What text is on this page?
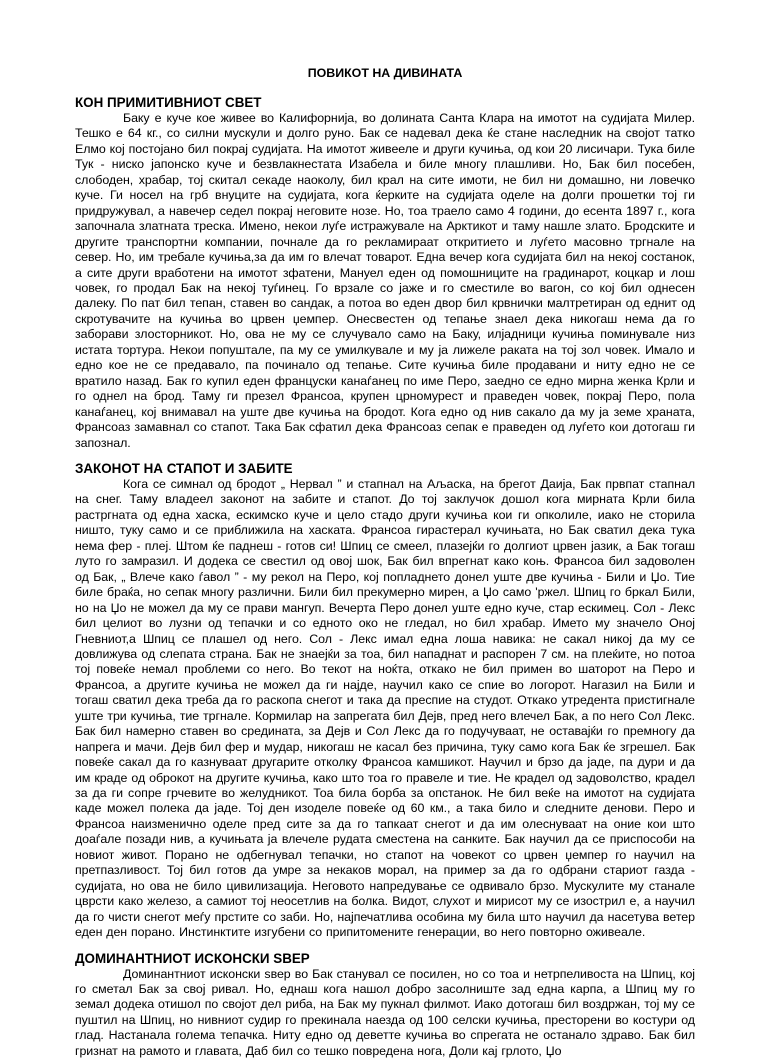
ПОВИКОТ НА ДИВИНАТА
КОН ПРИМИТИВНИОТ СВЕТ

Баку е куче кое живее во Калифорнија, во долината Санта Клара на имотот на судијата Милер. Тешко е 64 кг., со силни мускули и долго руно. Бак се надевал дека ќе стане наследник на својот татко Елмо кој постојано бил покрај судијата. На имотот живееле и други кучиња, од кои 20 лисичари. Тука биле Тук - ниско јапонско куче и безвлакнестата Изабела и биле многу плашливи. Но, Бак бил посебен, слободен, храбар, тој скитал секаде наоколу, бил крал на сите имоти, не бил ни домашно, ни ловечко куче. Ги носел на грб внуците на судијата, кога ќерките на судијата оделе на долги прошетки тој ги придружувал, а навечер седел покрај неговите нозе. Но, тоа траело само 4 години, до есента 1897 г., кога започнала златната треска. Имено, некои луѓе истражувале на Арктикот и таму нашле злато. Бродските и другите транспортни компании, почнале да го рекламираат откритието и луѓето масовно тргнале на север. Но, им требале кучиња,за да им го влечат товарот. Една вечер кога судијата бил на некој состанок, а сите други вработени на имотот зфатени, Мануел еден од помошниците на градинарот, коцкар и лош човек, го продал Бак на некој туѓинец. Го врзале со јаже и го сместиле во вагон, со кој бил однесен далеку. По пат бил тепан, ставен во сандак, а потоа во еден двор бил крвнички малтретиран од еднит од скротувачите на кучиња во црвен џемпер. Онесвестен од тепање знаел дека никогаш нема да го заборави злосторникот. Но, ова не му се случувало само на Баку, илјадници кучиња поминувале низ истата тортура. Некои попуштале, па му се умилкувале и му ја лижеле раката на тој зол човек. Имало и едно кое не се предавало, па починало од тепање. Сите кучиња биле продавани и ниту едно не се вратило назад. Бак го купил еден француски канаѓанец по име Перо, заедно се едно мирна женка Крли и го однел на брод. Таму ги презел Франсоа, крупен црномурест и праведен човек, покрај Перо, пола канаѓанец, кој внимавал на уште две кучиња на бродот. Кога едно од нив сакало да му ја земе храната, Франсоаз замавнал со стапот. Така Бак сфатил дека Франсоаз сепак е праведен од луѓето кои дотогаш ги запознал.

ЗАКОНОТ НА СТАПОТ И ЗАБИТЕ

Кога се симнал од бродот „ Нервал ” и стапнал на Аљаска, на брегот Даија, Бак првпат стапнал на снег. Таму владеел законот на забите и стапот. До тој заклучок дошол кога мирната Крли била растргната од една хаска, ескимско куче и цело стадо други кучиња кои ги опколиле, иако не сторила ништо, туку само и се приближила на хаската. Франсоа гирастерал кучињата, но Бак сватил дека тука нема фер - плеј. Штом ќе паднеш - готов си! Шпиц се смеел, плазејќи го долгиот црвен јазик, а Бак тогаш луто го замразил. И додека се свестил од овој шок, Бак бил впрегнат како коњ. Франсоа бил задоволен од Бак, „ Влече како ѓавол ” - му рекол на Перо, кој попладнето донел уште две кучиња - Били и Џо. Тие биле браќа, но сепак многу различни. Били бил прекумерно мирен, а Џо само 'ржел. Шпиц го бркал Били, но на Џо не можел да му се прави мангуп. Вечерта Перо донел уште едно куче, стар ескимец. Сол - Лекс бил целиот во лузни од тепачки и со едното око не гледал, но бил храбар. Името му значело Оној Гневниот,а Шпиц се плашел од него. Сол - Лекс имал една лоша навика: не сакал никој да му се довлижува од слепата страна. Бак не знаејќи за тоа, бил нападнат и распорен 7 см. на плеќите, но потоа тој повеќе немал проблеми со него. Во текот на ноќта, откако не бил примен во шаторот на Перо и Франсоа, а другите кучиња не можел да ги најде, научил како се спие во логорот. Нагазил на Били и тогаш сватил дека треба да го раскопа снегот и така да преспие на студот. Откако утредента пристигнале уште три кучиња, тие тргнале. Кормилар на запрегата бил Дејв, пред него влечел Бак, а по него Сол Лекс. Бак бил намерно ставен во средината, за Дејв и Сол Лекс да го подучуваат, не оставајќи го премногу да напрега и мачи. Дејв бил фер и мудар, никогаш не касал без причина, туку само кога Бак ќе згрешел. Бак повеќе сакал да го казнуваат другарите отколку Франсоа камшикот. Научил и брзо да јаде, па дури и да им краде од оброкот на другите кучиња, како што тоа го правеле и тие. Не крадел од задоволство, крадел за да ги сопре грчевите во желудникот. Тоа била борба за опстанок. Не бил веќе на имотот на судијата каде можел полека да јаде. Тој ден изоделе повеќе од 60 км., а така било и следните денови. Перо и Франсоа наизменично оделе пред сите за да го тапкаат снегот и да им олеснуваат на оние кои што доаѓале позади нив, а кучињата ја влечеле рудата сместена на санките. Бак научил да се приспособи на новиот живот. Порано не одбегнувал тепачки, но стапот на човекот со црвен џемпер го научил на претпазливост. Тој бил готов да умре за некаков морал, на пример за да го одбрани стариот газда - судијата, но ова не било цивилизација. Неговото напредување се одвивало брзо. Мускулите му станале цврсти како железо, а самиот тој неосетлив на болка. Видот, слухот и мирисот му се изострил е, а научил да го чисти снегот меѓу прстите со заби. Но, најпечатлива особина му била што научил да насетува ветер еден ден порано. Инстинктите изгубени со припитомените генерации, во него повторно оживеале.

ДОМИНАНТНИОТ ИСКОНСКИ ЅВЕР

Доминантниот исконски ѕвер во Бак станувал се посилен, но со тоа и нетрпеливоста на Шпиц, кој го сметал Бак за свој ривал. Но, еднаш кога нашол добро засолниште зад една карпа, а Шпиц му го земал додека отишол по својот дел риба, на Бак му пукнал филмот. Иако дотогаш бил воздржан, тој му се пуштил на Шпиц, но нивниот судир го прекинала наезда од 100 селски кучиња, престорени во костури од глад. Настанала голема тепачка. Ниту едно од деветте кучиња во спрегата не останало здраво. Бак бил гризнат на рамото и главата, Даб бил со тешко повредена нога, Доли кај грлото, Џо
